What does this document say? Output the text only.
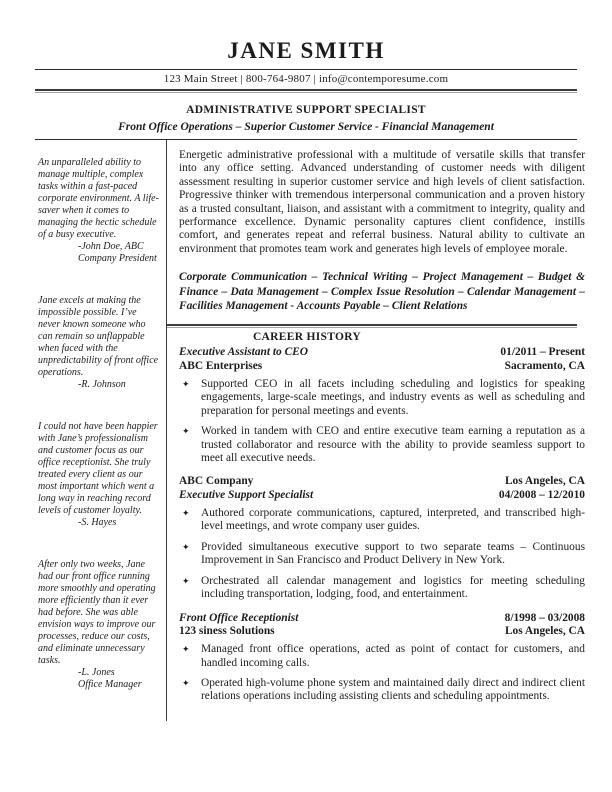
JANE SMITH
123 Main Street | 800-764-9807 | info@contemporesume.com
ADMINISTRATIVE SUPPORT SPECIALIST
Front Office Operations – Superior Customer Service - Financial Management
An unparalleled ability to manage multiple, complex tasks within a fast-paced corporate environment. A life-saver when it comes to managing the hectic schedule of a busy executive.
-John Doe, ABC
Company President
Jane excels at making the impossible possible. I’ve never known someone who can remain so unflappable when faced with the unpredictability of front office operations.
-R. Johnson
I could not have been happier with Jane’s professionalism and customer focus as our office receptionist. She truly treated every client as our most important which went a long way in reaching record levels of customer loyalty.
-S. Hayes
After only two weeks, Jane had our front office running more smoothly and operating more efficiently than it ever had before. She was able envision ways to improve our processes, reduce our costs, and eliminate unnecessary tasks.
-L. Jones
Office Manager
Energetic administrative professional with a multitude of versatile skills that transfer into any office setting. Advanced understanding of customer needs with diligent assessment resulting in superior customer service and high levels of client satisfaction. Progressive thinker with tremendous interpersonal communication and a proven history as a trusted consultant, liaison, and assistant with a commitment to integrity, quality and performance excellence. Dynamic personality captures client confidence, instills comfort, and generates repeat and referral business. Natural ability to cultivate an environment that promotes team work and generates high levels of employee morale.
Corporate Communication – Technical Writing – Project Management – Budget & Finance – Data Management – Complex Issue Resolution – Calendar Management – Facilities Management - Accounts Payable – Client Relations
CAREER HISTORY
Executive Assistant to CEO	01/2011 – Present
ABC Enterprises	Sacramento, CA
✦ Supported CEO in all facets including scheduling and logistics for speaking engagements, large-scale meetings, and industry events as well as scheduling and preparation for personal meetings and events.
✦ Worked in tandem with CEO and entire executive team earning a reputation as a trusted collaborator and resource with the ability to provide seamless support to meet all executive needs.
ABC Company	Los Angeles, CA
Executive Support Specialist	04/2008 – 12/2010
✦ Authored corporate communications, captured, interpreted, and transcribed high-level meetings, and wrote company user guides.
✦ Provided simultaneous executive support to two separate teams – Continuous Improvement in San Francisco and Product Delivery in New York.
✦ Orchestrated all calendar management and logistics for meeting scheduling including transportation, lodging, food, and entertainment.
Front Office Receptionist	8/1998 – 03/2008
123 siness Solutions	Los Angeles, CA
✦ Managed front office operations, acted as point of contact for customers, and handled incoming calls.
✦ Operated high-volume phone system and maintained daily direct and indirect client relations operations including assisting clients and scheduling appointments.
